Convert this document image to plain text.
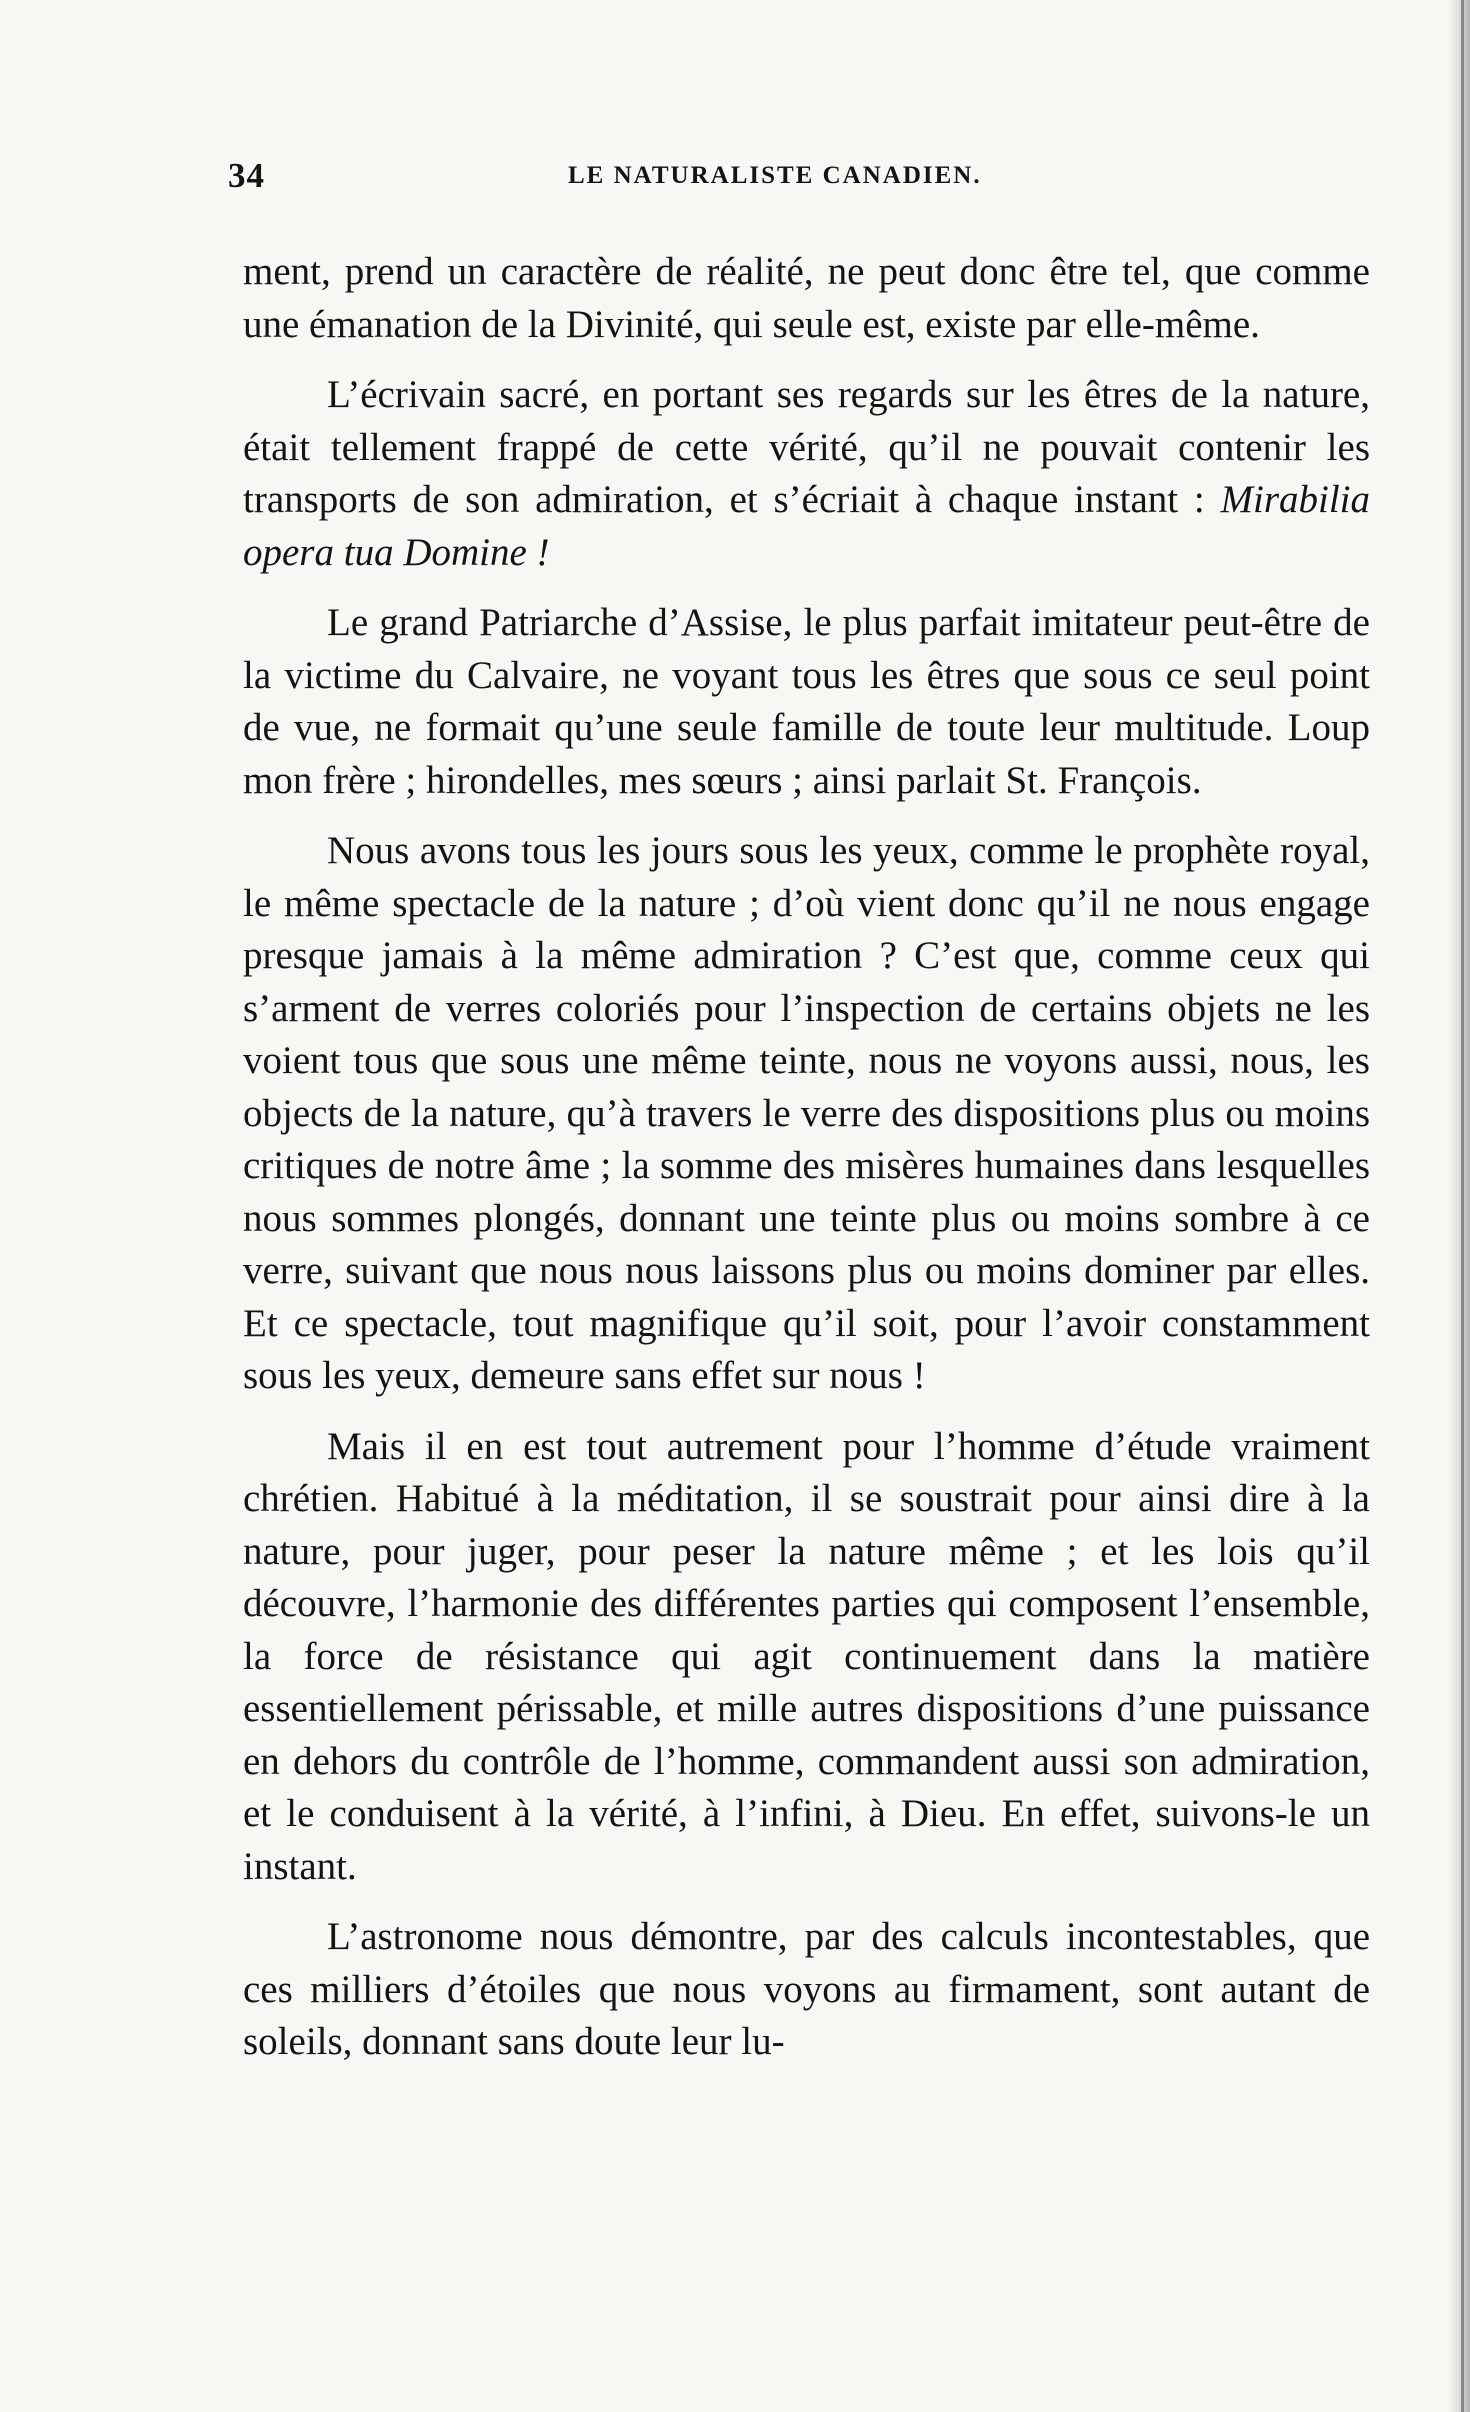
34	LE NATURALISTE CANADIEN.

ment, prend un caractère de réalité, ne peut donc être tel, que comme une émanation de la Divinité, qui seule est, existe par elle-même.

L’écrivain sacré, en portant ses regards sur les êtres de la nature, était tellement frappé de cette vérité, qu’il ne pouvait contenir les transports de son admiration, et s’écriait à chaque instant : Mirabilia opera tua Domine !

Le grand Patriarche d’Assise, le plus parfait imitateur peut-être de la victime du Calvaire, ne voyant tous les êtres que sous ce seul point de vue, ne formait qu’une seule famille de toute leur multitude. Loup mon frère ; hirondelles, mes sœurs ; ainsi parlait St. François.

Nous avons tous les jours sous les yeux, comme le prophète royal, le même spectacle de la nature ; d’où vient donc qu’il ne nous engage presque jamais à la même admiration ? C’est que, comme ceux qui s’arment de verres coloriés pour l’inspection de certains objets ne les voient tous que sous une même teinte, nous ne voyons aussi, nous, les objects de la nature, qu’à travers le verre des dispositions plus ou moins critiques de notre âme ; la somme des misères humaines dans lesquelles nous sommes plongés, donnant une teinte plus ou moins sombre à ce verre, suivant que nous nous laissons plus ou moins dominer par elles. Et ce spectacle, tout magnifique qu’il soit, pour l’avoir constamment sous les yeux, demeure sans effet sur nous !

Mais il en est tout autrement pour l’homme d’étude vraiment chrétien. Habitué à la méditation, il se soustrait pour ainsi dire à la nature, pour juger, pour peser la nature même ; et les lois qu’il découvre, l’harmonie des différentes parties qui composent l’ensemble, la force de résistance qui agit continuement dans la matière essentiellement périssable, et mille autres dispositions d’une puissance en dehors du contrôle de l’homme, commandent aussi son admiration, et le conduisent à la vérité, à l’infini, à Dieu. En effet, suivons-le un instant.

L’astronome nous démontre, par des calculs incontestables, que ces milliers d’étoiles que nous voyons au firmament, sont autant de soleils, donnant sans doute leur lu-
